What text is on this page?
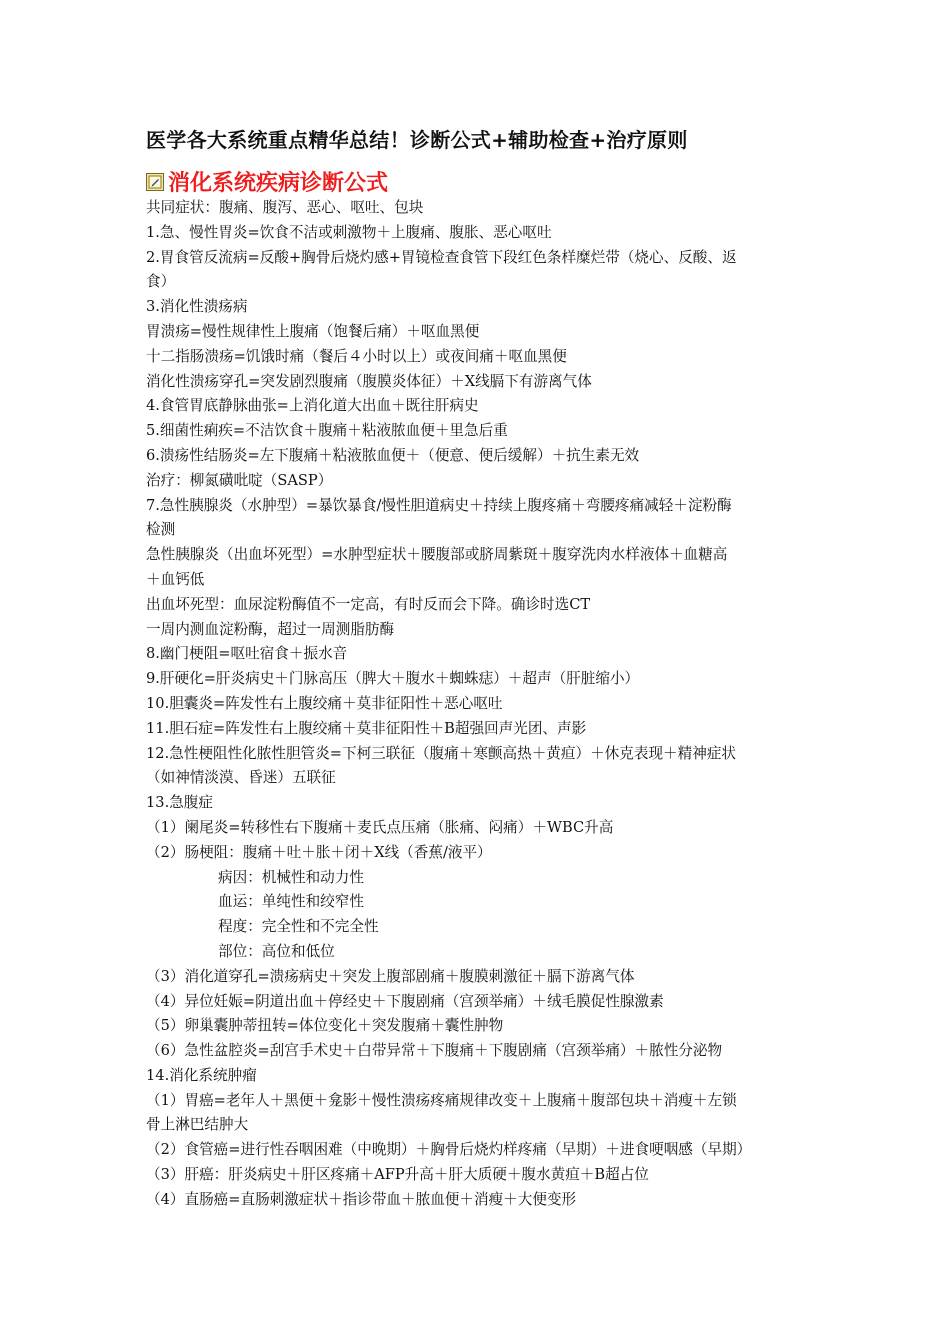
医学各大系统重点精华总结！诊断公式+辅助检查+治疗原则
消化系统疾病诊断公式
共同症状：腹痛、腹泻、恶心、呕吐、包块
1.急、慢性胃炎=饮食不洁或刺激物＋上腹痛、腹胀、恶心呕吐
2.胃食管反流病=反酸+胸骨后烧灼感+胃镜检查食管下段红色条样糜烂带（烧心、反酸、返
食）
3.消化性溃疡病
胃溃疡=慢性规律性上腹痛（饱餐后痛）＋呕血黑便
十二指肠溃疡=饥饿时痛（餐后４小时以上）或夜间痛＋呕血黑便
消化性溃疡穿孔=突发剧烈腹痛（腹膜炎体征）＋X线膈下有游离气体
4.食管胃底静脉曲张=上消化道大出血＋既往肝病史
5.细菌性痢疾=不洁饮食＋腹痛＋粘液脓血便＋里急后重
6.溃疡性结肠炎=左下腹痛＋粘液脓血便＋（便意、便后缓解）＋抗生素无效
治疗：柳氮磺吡啶（SASP）
7.急性胰腺炎（水肿型）=暴饮暴食/慢性胆道病史＋持续上腹疼痛＋弯腰疼痛减轻＋淀粉酶
检测
急性胰腺炎（出血坏死型）=水肿型症状＋腰腹部或脐周紫斑＋腹穿洗肉水样液体＋血糖高
＋血钙低
出血坏死型：血尿淀粉酶值不一定高，有时反而会下降。确诊时选CT
一周内测血淀粉酶，超过一周测脂肪酶
8.幽门梗阻=呕吐宿食＋振水音
9.肝硬化=肝炎病史＋门脉高压（脾大＋腹水＋蜘蛛痣）＋超声（肝脏缩小）
10.胆囊炎=阵发性右上腹绞痛＋莫非征阳性＋恶心呕吐
11.胆石症=阵发性右上腹绞痛＋莫非征阳性＋B超强回声光团、声影
12.急性梗阻性化脓性胆管炎=下柯三联征（腹痛＋寒颤高热＋黄疸）＋休克表现＋精神症状
（如神情淡漠、昏迷）五联征
13.急腹症
（1）阑尾炎=转移性右下腹痛＋麦氏点压痛（胀痛、闷痛）＋WBC升高
（2）肠梗阻：腹痛＋吐＋胀＋闭＋X线（香蕉/液平）
病因：机械性和动力性
血运：单纯性和绞窄性
程度：完全性和不完全性
部位：高位和低位
（3）消化道穿孔=溃疡病史＋突发上腹部剧痛＋腹膜刺激征＋膈下游离气体
（4）异位妊娠=阴道出血＋停经史＋下腹剧痛（宫颈举痛）＋绒毛膜促性腺激素
（5）卵巢囊肿蒂扭转=体位变化＋突发腹痛＋囊性肿物
（6）急性盆腔炎=刮宫手术史＋白带异常＋下腹痛＋下腹剧痛（宫颈举痛）＋脓性分泌物
14.消化系统肿瘤
（1）胃癌=老年人＋黑便＋龛影＋慢性溃疡疼痛规律改变＋上腹痛＋腹部包块＋消瘦＋左锁
骨上淋巴结肿大
（2）食管癌=进行性吞咽困难（中晚期）＋胸骨后烧灼样疼痛（早期）＋进食哽咽感（早期）
（3）肝癌：肝炎病史＋肝区疼痛＋AFP升高＋肝大质硬＋腹水黄疸＋B超占位
（4）直肠癌=直肠刺激症状＋指诊带血＋脓血便＋消瘦＋大便变形
